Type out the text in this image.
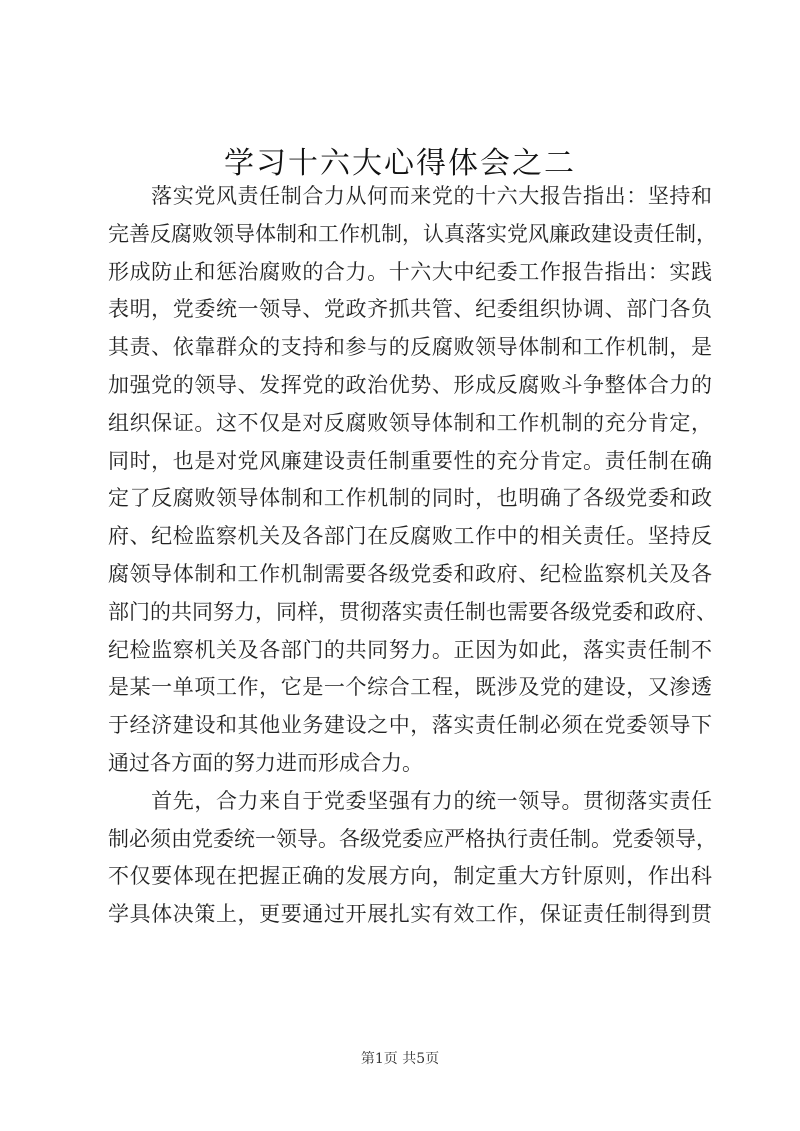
学习十六大心得体会之二
　　落实党风责任制合力从何而来党的十六大报告指出：坚持和
完善反腐败领导体制和工作机制，认真落实党风廉政建设责任制，
形成防止和惩治腐败的合力。十六大中纪委工作报告指出：实践
表明，党委统一领导、党政齐抓共管、纪委组织协调、部门各负
其责、依靠群众的支持和参与的反腐败领导体制和工作机制，是
加强党的领导、发挥党的政治优势、形成反腐败斗争整体合力的
组织保证。这不仅是对反腐败领导体制和工作机制的充分肯定，
同时，也是对党风廉建设责任制重要性的充分肯定。责任制在确
定了反腐败领导体制和工作机制的同时，也明确了各级党委和政
府、纪检监察机关及各部门在反腐败工作中的相关责任。坚持反
腐领导体制和工作机制需要各级党委和政府、纪检监察机关及各
部门的共同努力，同样，贯彻落实责任制也需要各级党委和政府、
纪检监察机关及各部门的共同努力。正因为如此，落实责任制不
是某一单项工作，它是一个综合工程，既涉及党的建设，又渗透
于经济建设和其他业务建设之中，落实责任制必须在党委领导下
通过各方面的努力进而形成合力。
　　首先，合力来自于党委坚强有力的统一领导。贯彻落实责任
制必须由党委统一领导。各级党委应严格执行责任制。党委领导，
不仅要体现在把握正确的发展方向，制定重大方针原则，作出科
学具体决策上，更要通过开展扎实有效工作，保证责任制得到贯
第1页 共5页
